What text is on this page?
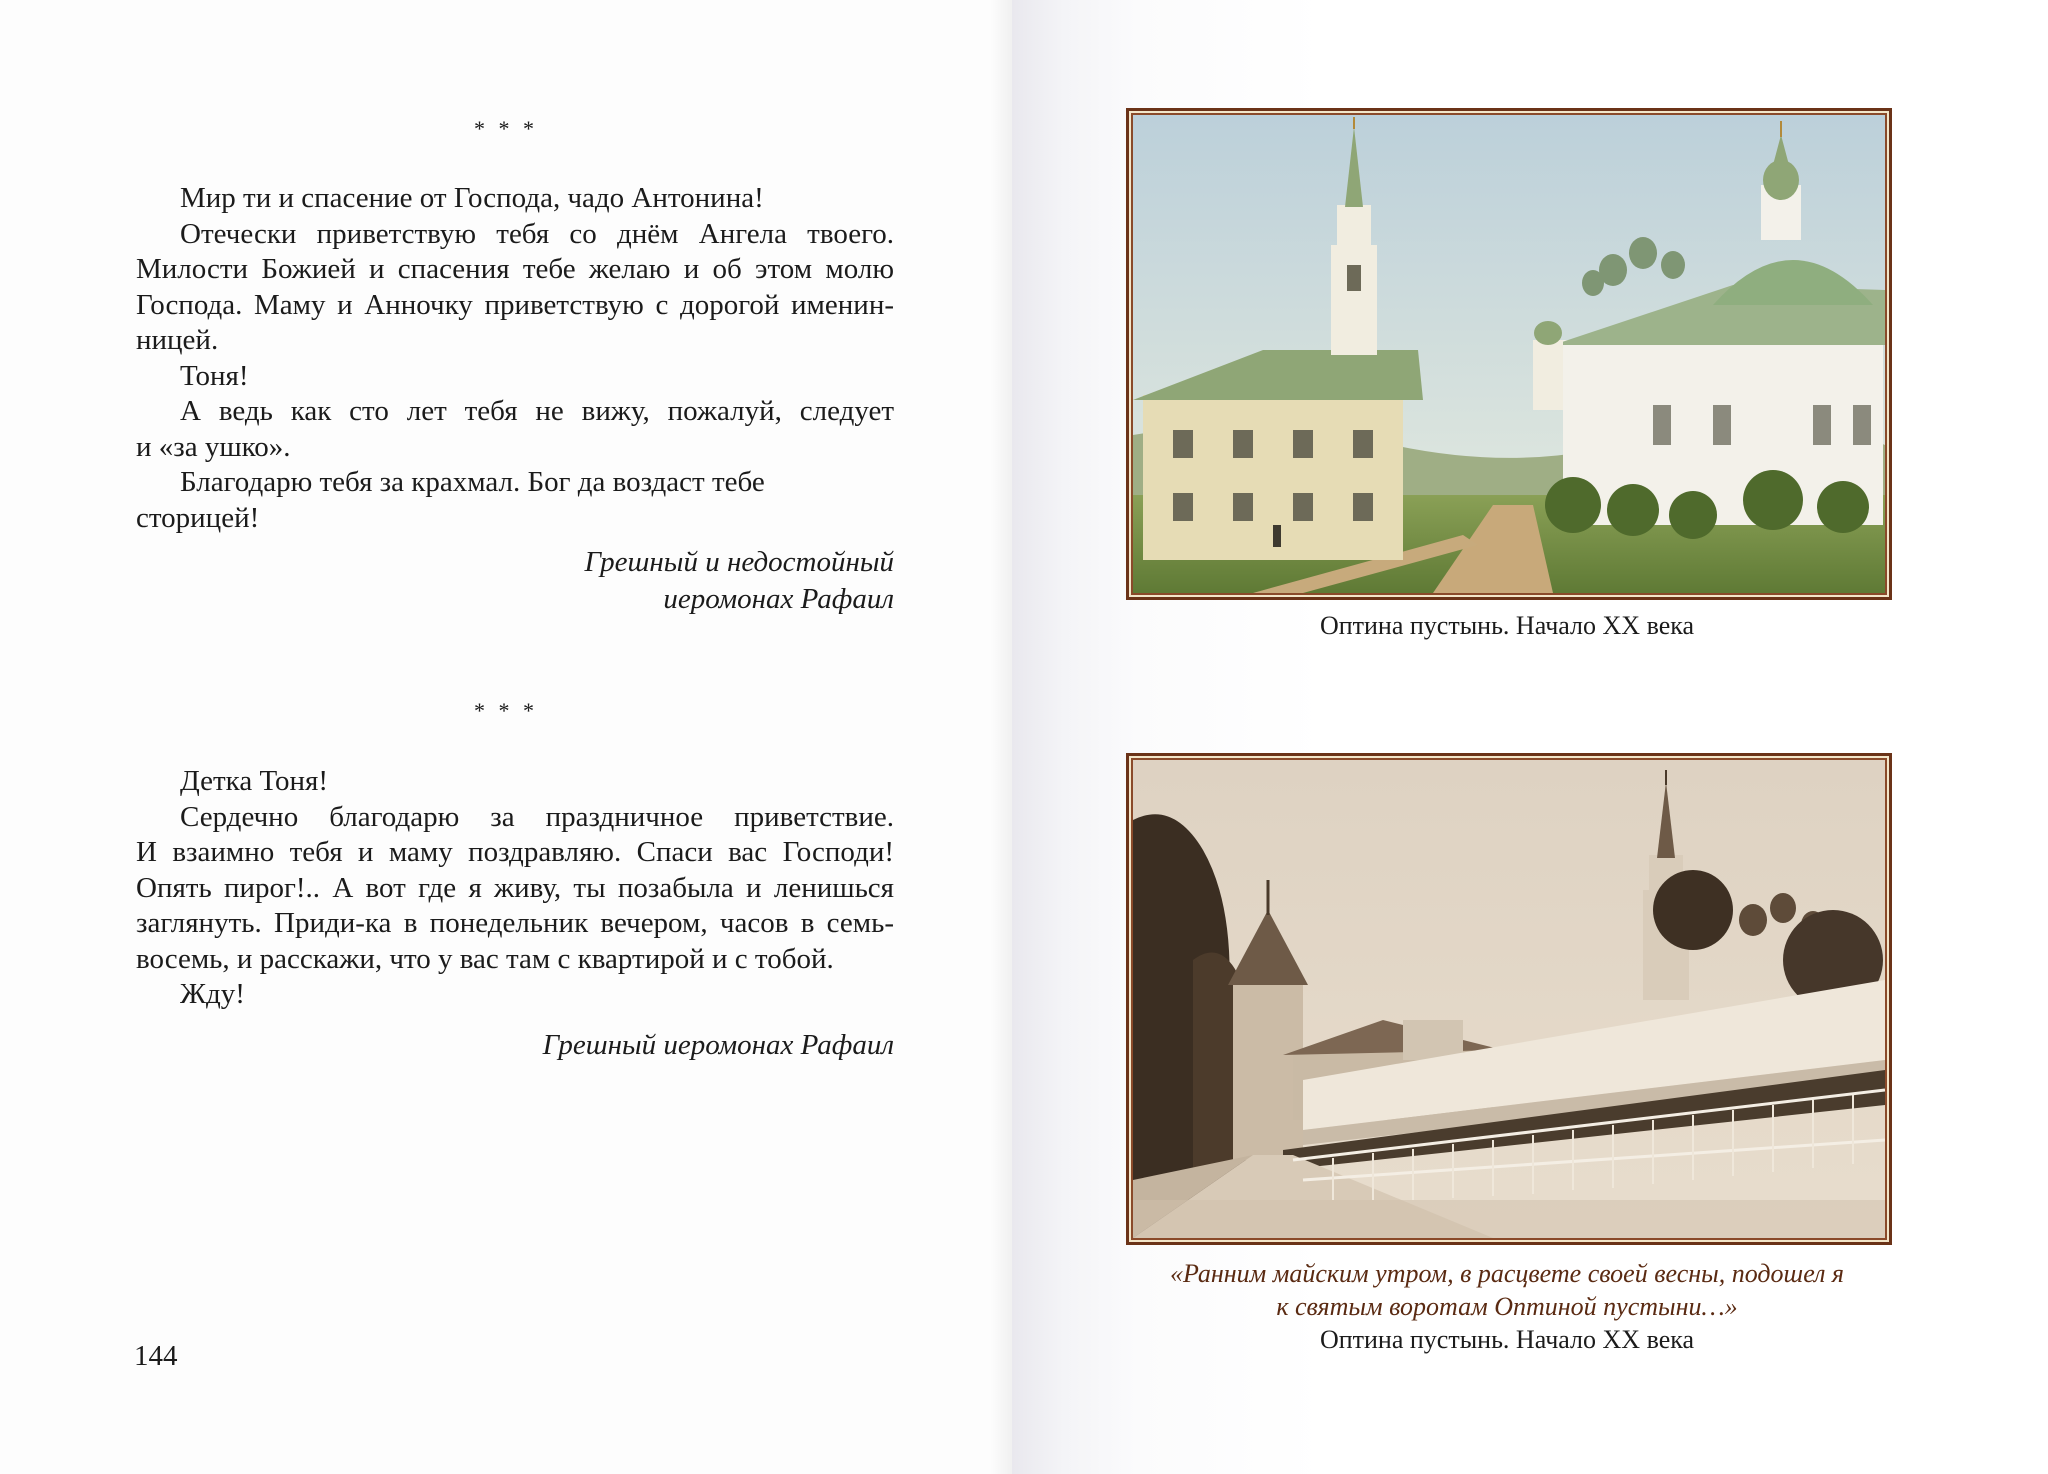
* * *
Мир ти и спасение от Господа, чадо Антонина!
Отечески приветствую тебя со днём Ангела твоего.
Милости Божией и спасения тебе желаю и об этом молю
Господа. Маму и Анночку приветствую с дорогой именин-
ницей.
Тоня!
А ведь как сто лет тебя не вижу, пожалуй, следует
и «за ушко».
Благодарю тебя за крахмал. Бог да воздаст тебе сторицей!
Грешный и недостойный
иеромонах Рафаил
* * *
Детка Тоня!
Сердечно благодарю за праздничное приветствие.
И взаимно тебя и маму поздравляю. Спаси вас Господи!
Опять пирог!.. А вот где я живу, ты позабыла и ленишься
заглянуть. Приди-ка в понедельник вечером, часов в семь-
восемь, и расскажи, что у вас там с квартирой и с тобой.
Жду!
Грешный иеромонах Рафаил
144
Оптина пустынь. Начало XX века
«Ранним майским утром, в расцвете своей весны, подошел я
к святым воротам Оптиной пустыни…»
Оптина пустынь. Начало XX века
